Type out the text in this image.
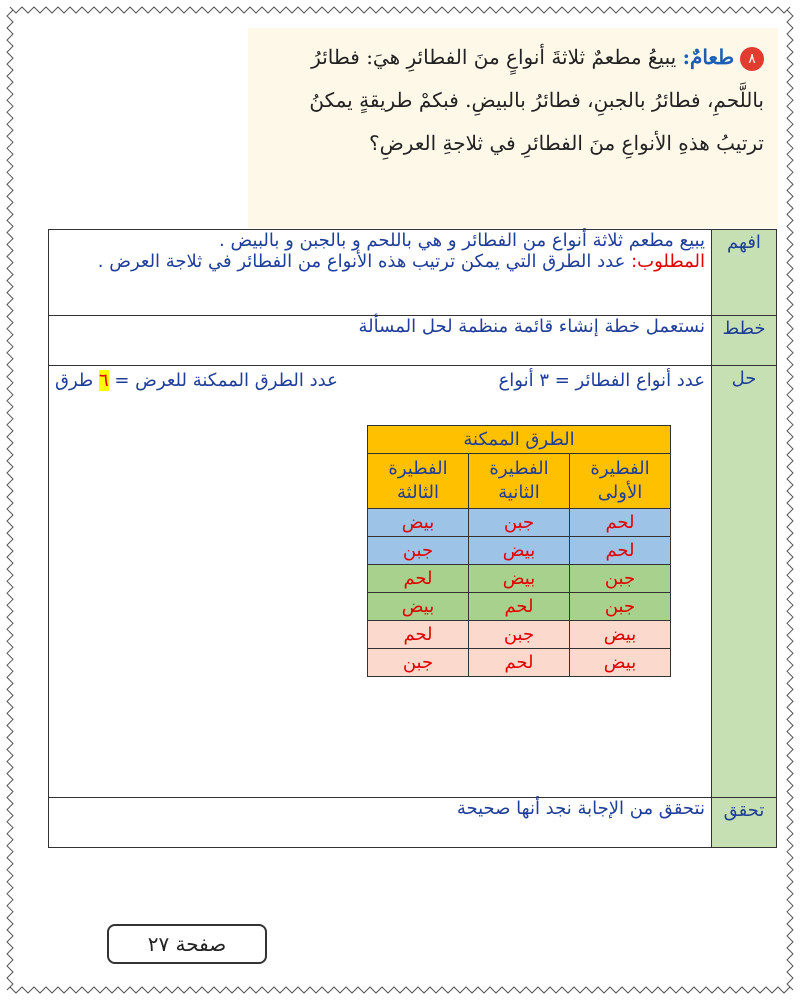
٨طعامٌ: يبيعُ مطعمٌ ثلاثةَ أنواعٍ منَ الفطائرِ هيَ: فطائرُ باللَّحمِ، فطائرُ بالجبنِ، فطائرُ بالبيضِ. فبكمْ طريقةٍ يمكنُ ترتيبُ هذهِ الأنواعِ منَ الفطائرِ في ثلاجةِ العرضِ؟
افهم	
يبيع مطعم ثلاثة أنواع من الفطائر و هي باللحم و بالجبن و بالبيض .
المطلوب: عدد الطرق التي يمكن ترتيب هذه الأنواع من الفطائر في ثلاجة العرض .

خطط	نستعمل خطة إنشاء قائمة منظمة لحل المسألة
حل	
عدد أنواع الفطائر = ٣ أنواع
عدد الطرق الممكنة للعرض = ٦ طرق
الطرق الممكنة
الفطيرة الأولى	الفطيرة الثانية	الفطيرة الثالثة
لحم	جبن	بيض
لحم	بيض	جبن
جبن	بيض	لحم
جبن	لحم	بيض
بيض	جبن	لحم
بيض	لحم	جبن

تحقق	نتحقق من الإجابة نجد أنها صحيحة
صفحة ٢٧
